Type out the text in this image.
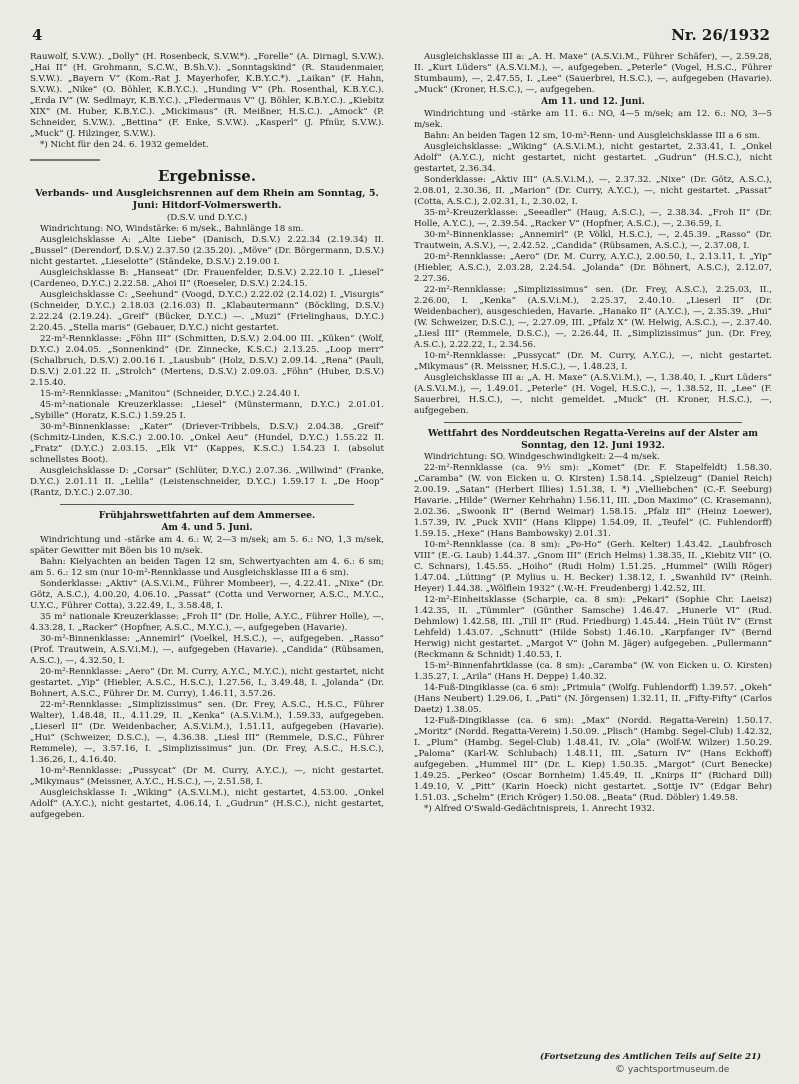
4	Nr. 26/1932

Rauwolf, S.V.W.). „Dolly“ (H. Rosenbeck, S.V.W.*). „Forelle“ (A. Dirnagl, S.V.W.). „Hai II“ (H. Grohmann, S.C.W., B.Sh.V.). „Sonntagskind“ (R. Staudenmaier, S.V.W.). „Bayern V“ (Kom.-Rat J. Mayerhofer, K.B.Y.C.*). „Laikan“ (F. Hahn, S.V.W.). „Nike“ (O. Böhler, K.B.Y.C.). „Hunding V“ (Ph. Rosenthal, K.B.Y.C.). „Erda IV“ (W. Sedlmayr, K.B.Y.C.). „Fledermaus V“ (J. Böhler, K.B.Y.C.). „Kiebitz XIX“ (M. Huber, K.B.Y.C.). „Mickimaus“ (R. Meißner, H.S.C.). „Amock“ (P. Schneider, S.V.W.). „Bettina“ (F. Enke, S.V.W.). „Kasperl“ (J. Pfnür, S.V.W.). „Muck“ (J. Hilzinger, S.V.W.).

*) Nicht für den 24. 6. 1932 gemeldet.

Ergebnisse.
Verbands- und Ausgleichsrennen auf dem Rhein am Sonntag, 5. Juni: Hitdorf-Volmerswerth.

(D.S.V. und D.Y.C.)

Windrichtung: NO, Windstärke: 6 m/sek., Bahnlänge 18 sm.

Ausgleichsklasse A: „Alte Liebe“ (Danisch, D.S.V.) 2.22.34 (2.19.34) II. „Bussel“ (Derendorf, D.S.V.) 2.37.50 (2.35.20). „Möve“ (Dr. Börgermann, D.S.V.) nicht gestartet. „Lieselotte“ (Ständeke, D.S.V.) 2.19.00 I.

Ausgleichsklasse B: „Hanseat“ (Dr. Frauenfelder, D.S.V.) 2.22.10 I. „Liesel“ (Cardeneo, D.Y.C.) 2.22.58. „Ahoi II“ (Roeseler, D.S.V.) 2.24.15.

Ausgleichsklasse C: „Seehund“ (Voogd, D.Y.C.) 2.22.02 (2.14.02) I. „Visurgis“ (Schneider, D.Y.C.) 2.18.03 (2.16.03) II. „Klabautermann“ (Böckling, D.S.V.) 2.22.24 (2.19.24). „Greif“ (Bücker, D.Y.C.) —. „Muzi“ (Frielinghaus, D.Y.C.) 2.20.45. „Stella maris“ (Gebauer, D.Y.C.) nicht gestartet.

22-m²-Rennklasse: „Föhn III“ (Schmitten, D.S.V.) 2.04.00 III. „Küken“ (Wolf, D.Y.C.) 2.04.05. „Sonnenkind“ (Dr. Zinnecke, K.S.C.) 2.13.25. „Loop merr“ (Schalbruch, D.S.V.) 2.00.16 I. „Lausbub“ (Holz, D.S.V.) 2.09.14. „Rena“ (Pauli, D.S.V.) 2.01.22 II. „Strolch“ (Mertens, D.S.V.) 2.09.03. „Föhn“ (Huber, D.S.V.) 2.15.40.

15-m²-Rennklasse: „Manitou“ (Schneider, D.Y.C.) 2.24.40 I.

45-m²-nationale Kreuzerklasse: „Liesel“ (Münstermann, D.Y.C.) 2.01.01. „Sybille“ (Horatz, K.S.C.) 1.59.25 I.

30-m²-Binnenklasse: „Kater“ (Driever-Tribbels, D.S.V.) 2.04.38. „Greif“ (Schmitz-Linden, K.S.C.) 2.00.10. „Onkel Aeu“ (Hundel, D.Y.C.) 1.55.22 II. „Fratz“ (D.Y.C.) 2.03.15. „Elk VI“ (Kappes, K.S.C.) 1.54.23 I. (absolut schnellstes Boot).

Ausgleichsklasse D: „Corsar“ (Schlüter, D.Y.C.) 2.07.36. „Willwind“ (Franke, D.Y.C.) 2.01.11 II. „Lelila“ (Leistenschneider, D.Y.C.) 1.59.17 I. „De Hoop“ (Rantz, D.Y.C.) 2.07.30.

Frühjahrswettfahrten auf dem Ammersee.
Am 4. und 5. Juni.

Windrichtung und -stärke am 4. 6.: W, 2—3 m/sek; am 5. 6.: NO, 1,3 m/sek, später Gewitter mit Böen bis 10 m/sek.

Bahn: Kielyachten an beiden Tagen 12 sm, Schwertyachten am 4. 6.: 6 sm; am 5. 6.: 12 sm (nur 10-m²-Rennklasse und Ausgleichsklasse III a 6 sm).

Sonderklasse: „Aktiv“ (A.S.V.i.M., Führer Mombeer), —, 4.22.41. „Nixe“ (Dr. Götz, A.S.C.), 4.00.20, 4.06.10. „Passat“ (Cotta und Verworner, A.S.C., M.Y.C., U.Y.C., Führer Cotta), 3.22.49, I., 3.58.48, I.

35 m² nationale Kreuzerklasse: „Froh II“ (Dr. Holle, A.Y.C., Führer Holle), —, 4.33.28, I. „Racker“ (Hopfner, A.S.C., M.Y.C.), —, aufgegeben (Havarie).

30-m²-Binnenklasse: „Annemirl“ (Voelkel, H.S.C.), —, aufgegeben. „Rasso“ (Prof. Trautwein, A.S.V.i.M.), —, aufgegeben (Havarie). „Candida“ (Rübsamen, A.S.C.), —, 4.32.50, I.

20-m²-Rennklasse: „Aero“ (Dr. M. Curry, A.Y.C., M.Y.C.), nicht gestartet, nicht gestartet. „Yip“ (Hiebler, A.S.C., H.S.C.), 1.27.56, I., 3.49.48, I. „Jolanda“ (Dr. Bohnert, A.S.C., Führer Dr. M. Curry), 1.46.11, 3.57.26.

22-m²-Rennklasse: „Simplizissimus“ sen. (Dr. Frey, A.S.C., H.S.C., Führer Walter), 1.48.48, II., 4.11.29, II. „Kenka“ (A.S.V.i.M.), 1.59.33, aufgegeben. „Lieserl II“ (Dr. Weidenbacher, A.S.V.i.M.), 1.51.11, aufgegeben (Havarie). „Hui“ (Schweizer, D.S.C.), —, 4.36.38. „Liesl III“ (Remmele, D.S.C., Führer Remmele), —, 3.57.16, I. „Simplizissimus“ jun. (Dr. Frey, A.S.C., H.S.C.), 1.36.26, I., 4.16.40.

10-m²-Rennklasse: „Pussycat“ (Dr M. Curry, A.Y.C.), —, nicht gestartet. „Mikymaus“ (Meissner, A.Y.C., H.S.C.), —, 2.51.58, I.

Ausgleichsklasse I: „Wiking“ (A.S.V.i.M.), nicht gestartet, 4.53.00. „Onkel Adolf“ (A.Y.C.), nicht gestartet, 4.06.14, I. „Gudrun“ (H.S.C.), nicht gestartet, aufgegeben.

Ausgleichsklasse III a: „A. H. Maxe“ (A.S.V.i.M., Führer Schäfer), —, 2.59.28, II. „Kurt Lüders“ (A.S.V.i.M.), —, aufgegeben. „Peterle“ (Vogel, H.S.C., Führer Stumbaum), —, 2.47.55, I. „Lee“ (Sauerbrei, H.S.C.), —, aufgegeben (Havarie). „Muck“ (Kroner, H.S.C.), —, aufgegeben.

Am 11. und 12. Juni.

Windrichtung und -stärke am 11. 6.: NO, 4—5 m/sek; am 12. 6.: NO, 3—5 m/sek.

Bahn: An beiden Tagen 12 sm, 10-m²-Renn- und Ausgleichsklasse III a 6 sm.

Ausgleichsklasse: „Wiking“ (A.S.V.i.M.), nicht gestartet, 2.33.41, I. „Onkel Adolf“ (A.Y.C.), nicht gestartet, nicht gestartet. „Gudrun“ (H.S.C.), nicht gestartet, 2.36.34.

Sonderklasse: „Aktiv III“ (A.S.V.i.M.), —, 2.37.32. „Nixe“ (Dr. Götz, A.S.C.), 2.08.01, 2.30.36, II. „Marion“ (Dr. Curry, A.Y.C.), —, nicht gestartet. „Passat“ (Cotta, A.S.C.), 2.02.31, I., 2.30.02, I.

35-m²-Kreuzerklasse: „Seeadler“ (Haug, A.S.C.), —, 2.38.34. „Froh II“ (Dr. Holle, A.Y.C.), —, 2.39.54. „Racker V“ (Hopfner, A.S.C.), —, 2.36.59, I.

30-m²-Binnenklasse: „Annemirl“ (P. Völkl, H.S.C.), —, 2.45.39. „Rasso“ (Dr. Trautwein, A.S.V.), —, 2.42.52. „Candida“ (Rübsamen, A.S.C.), —, 2.37.08, I.

20-m²-Rennklasse: „Aero“ (Dr. M. Curry, A.Y.C.), 2.00.50, I., 2.13.11, I. „Yip“ (Hiebler, A.S.C.), 2.03.28, 2.24.54. „Jolanda“ (Dr. Böhnert, A.S.C.), 2.12.07, 2.27.36.

22-m²-Rennklasse: „Simplizissimus“ sen. (Dr. Frey, A.S.C.), 2.25.03, II., 2.26.00, I. „Kenka“ (A.S.V.i.M.), 2.25.37, 2.40.10. „Lieserl II“ (Dr. Weidenbacher), ausgeschieden, Havarie. „Hanako II“ (A.Y.C.), —, 2.35.39. „Hui“ (W. Schweizer, D.S.C.), —, 2.27.09, III. „Pfalz X“ (W. Helwig, A.S.C.), —, 2.37.40. „Liesl III“ (Remmele, D.S.C.), —, 2.26.44, II. „Simplizissimus“ jun. (Dr. Frey, A.S.C.), 2.22.22, I., 2.34.56.

10-m²-Rennklasse: „Pussycat“ (Dr. M. Curry, A.Y.C.), —, nicht gestartet. „Mikymaus“ (R. Meissner, H.S.C.), —, 1.48.23, I.

Ausgleichsklasse III a: „A. H. Maxe“ (A.S.V.i.M.), —, 1.38.40, I. „Kurt Lüders“ (A.S.V.i.M.), —, 1.49.01. „Peterle“ (H. Vogel, H.S.C.), —, 1.38.52, II. „Lee“ (F. Sauerbrei, H.S.C.), —, nicht gemeldet. „Muck“ (H. Kroner, H.S.C.), —, aufgegeben.

Wettfahrt des Norddeutschen Regatta-Vereins auf der Alster am Sonntag, den 12. Juni 1932.

Windrichtung: SO. Windgeschwindigkeit: 2—4 m/sek.

22-m²-Rennklasse (ca. 9½ sm): „Komet“ (Dr. F. Stapelfeldt) 1.58.30. „Caramba“ (W. von Eicken u. O. Kirsten) 1.58.14. „Spielzeug“ (Daniel Reich) 2.00.19. „Satan“ (Herbert Illies) 1.51.38, I. *) „Vielliebchen“ (C.-F. Seeburg) Havarie. „Hilde“ (Werner Kehrhahn) 1.56.11, III. „Don Maximo“ (C. Krasemann), 2.02.36. „Swoonk II“ (Bernd Weimar) 1.58.15. „Pfalz III“ (Heinz Loewer), 1.57.39, IV. „Puck XVII“ (Hans Klippe) 1.54.09, II. „Teufel“ (C. Fuhlendorff) 1.59.15. „Hexe“ (Hans Bambowsky) 2.01.31.

10-m²-Rennklasse (ca. 8 sm): „Po-Ho“ (Gerh. Kelter) 1.43.42. „Laubfrosch VIII“ (E.-G. Laub) 1.44.37. „Gnom III“ (Erich Helms) 1.38.35, II. „Kiebitz VII“ (O. C. Schnars), 1.45.55. „Hoiho“ (Rudi Holm) 1.51.25. „Hummel“ (Willi Röger) 1.47.04. „Lütting“ (P. Mylius u. H. Becker) 1.38.12, I. „Swanhild IV“ (Reinh. Heyer) 1.44.38. „Wölflein 1932“ (.W.-H. Freudenberg) 1.42.52, III.

12-m²-Einheitsklasse (Scharpie, ca. 8 sm): „Pekari“ (Sophie Chr. Laeisz) 1.42.35, II. „Tümmler“ (Günther Samsche) 1.46.47. „Hunerle VI“ (Rud. Dehmlow) 1.42.58, III. „Till II“ (Rud. Friedburg) 1.45.44. „Hein Tüüt IV“ (Ernst Lehfeld) 1.43.07. „Schnutt“ (Hilde Sobst) 1.46.10. „Karpfanger IV“ (Bernd Herwig) nicht gestartet. „Margot V“ (John M. Jäger) aufgegeben. „Pullermann“ (Reckmann & Schnidt) 1.40.53, I.

15-m²-Binnenfahrtklasse (ca. 8 sm): „Caramba“ (W. von Eicken u. O. Kirsten) 1.35.27, I. „Arila“ (Hans H. Deppe) 1.40.32.

14-Fuß-Dingiklasse (ca. 6 sm): „Primula“ (Wolfg. Fuhlendorff) 1.39.57. „Okeh“ (Hans Neubert) 1.29.06, I. „Pati“ (N. Jörgensen) 1.32.11, II. „Fifty-Fifty“ (Carlos Daetz) 1.38.05.

12-Fuß-Dingiklasse (ca. 6 sm): „Max“ (Nordd. Regatta-Verein) 1.50.17. „Moritz“ (Nordd. Regatta-Verein) 1.50.09. „Plisch“ (Hambg. Segel-Club) 1.42.32, I. „Plum“ (Hambg. Segel-Club) 1.48.41, IV. „Ola“ (Wolf-W. Wilzer) 1.50.29. „Paloma“ (Karl-W. Schlubach) 1.48.11, III. „Saturn IV“ (Hans Eckhoff) aufgegeben. „Hummel III“ (Dr. L. Kiep) 1.50.35. „Margot“ (Curt Benecke) 1.49.25. „Perkeo“ (Oscar Bornheim) 1.45.49, II. „Knirps II“ (Richard Dill) 1.49.10, V. „Pitt“ (Karin Hoeck) nicht gestartet. „Sottje IV“ (Edgar Behr) 1.51.03. „Schelm“ (Erich Kröger) 1.50.08. „Beata“ (Rud. Döbler) 1.49.58.

*) Alfred O'Swald-Gedächtnispreis, 1. Anrecht 1932.

(Fortsetzung des Amtlichen Teils auf Seite 21)
© yachtsportmuseum.de
